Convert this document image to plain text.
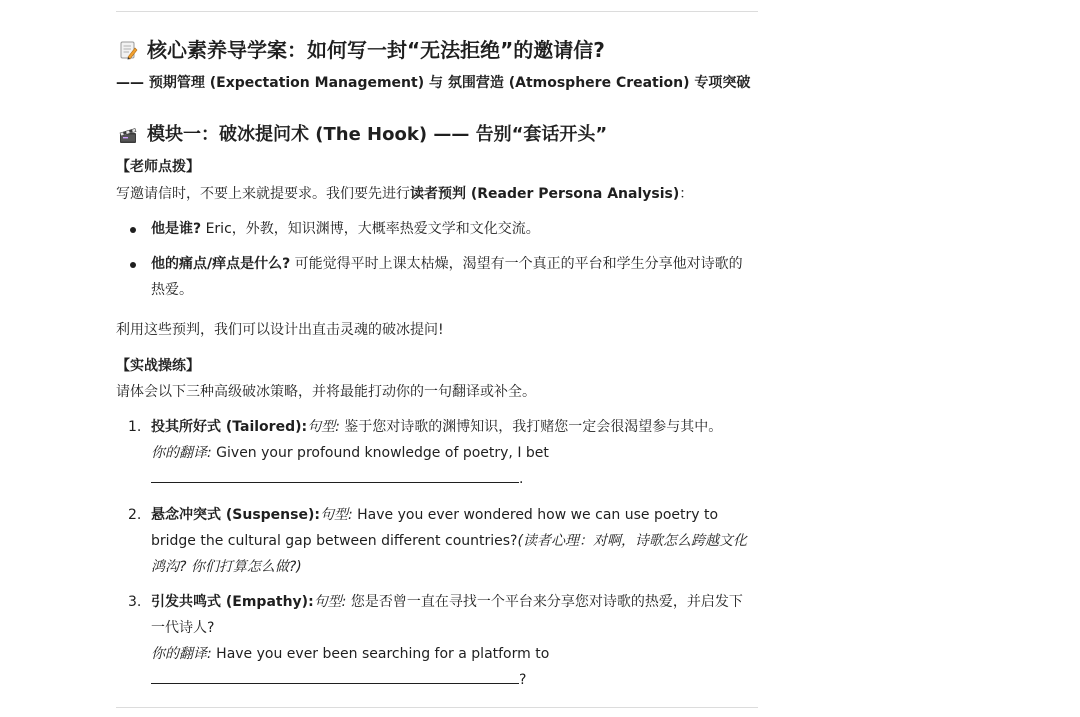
核心素养导学案：如何写一封“无法拒绝”的邀请信?
—— 预期管理 (Expectation Management) 与 氛围营造 (Atmosphere Creation) 专项突破
模块一：破冰提问术 (The Hook) —— 告别“套话开头”
【老师点拨】
写邀请信时，不要上来就提要求。我们要先进行读者预判 (Reader Persona Analysis)：
他是谁? Eric，外教，知识渊博，大概率热爱文学和文化交流。
他的痛点/痒点是什么? 可能觉得平时上课太枯燥，渴望有一个真正的平台和学生分享他对诗歌的热爱。
利用这些预判，我们可以设计出直击灵魂的破冰提问!
【实战操练】
请体会以下三种高级破冰策略，并将最能打动你的一句翻译或补全。
1. 投其所好式 (Tailored):句型: 鉴于您对诗歌的渊博知识，我打赌您一定会很渴望参与其中。
你的翻译: Given your profound knowledge of poetry, I bet
.
2. 悬念冲突式 (Suspense):句型: Have you ever wondered how we can use poetry to bridge the cultural gap between different countries?(读者心理：对啊，诗歌怎么跨越文化鸿沟? 你们打算怎么做?)
3. 引发共鸣式 (Empathy):句型: 您是否曾一直在寻找一个平台来分享您对诗歌的热爱，并启发下一代诗人?
你的翻译: Have you ever been searching for a platform to
?
